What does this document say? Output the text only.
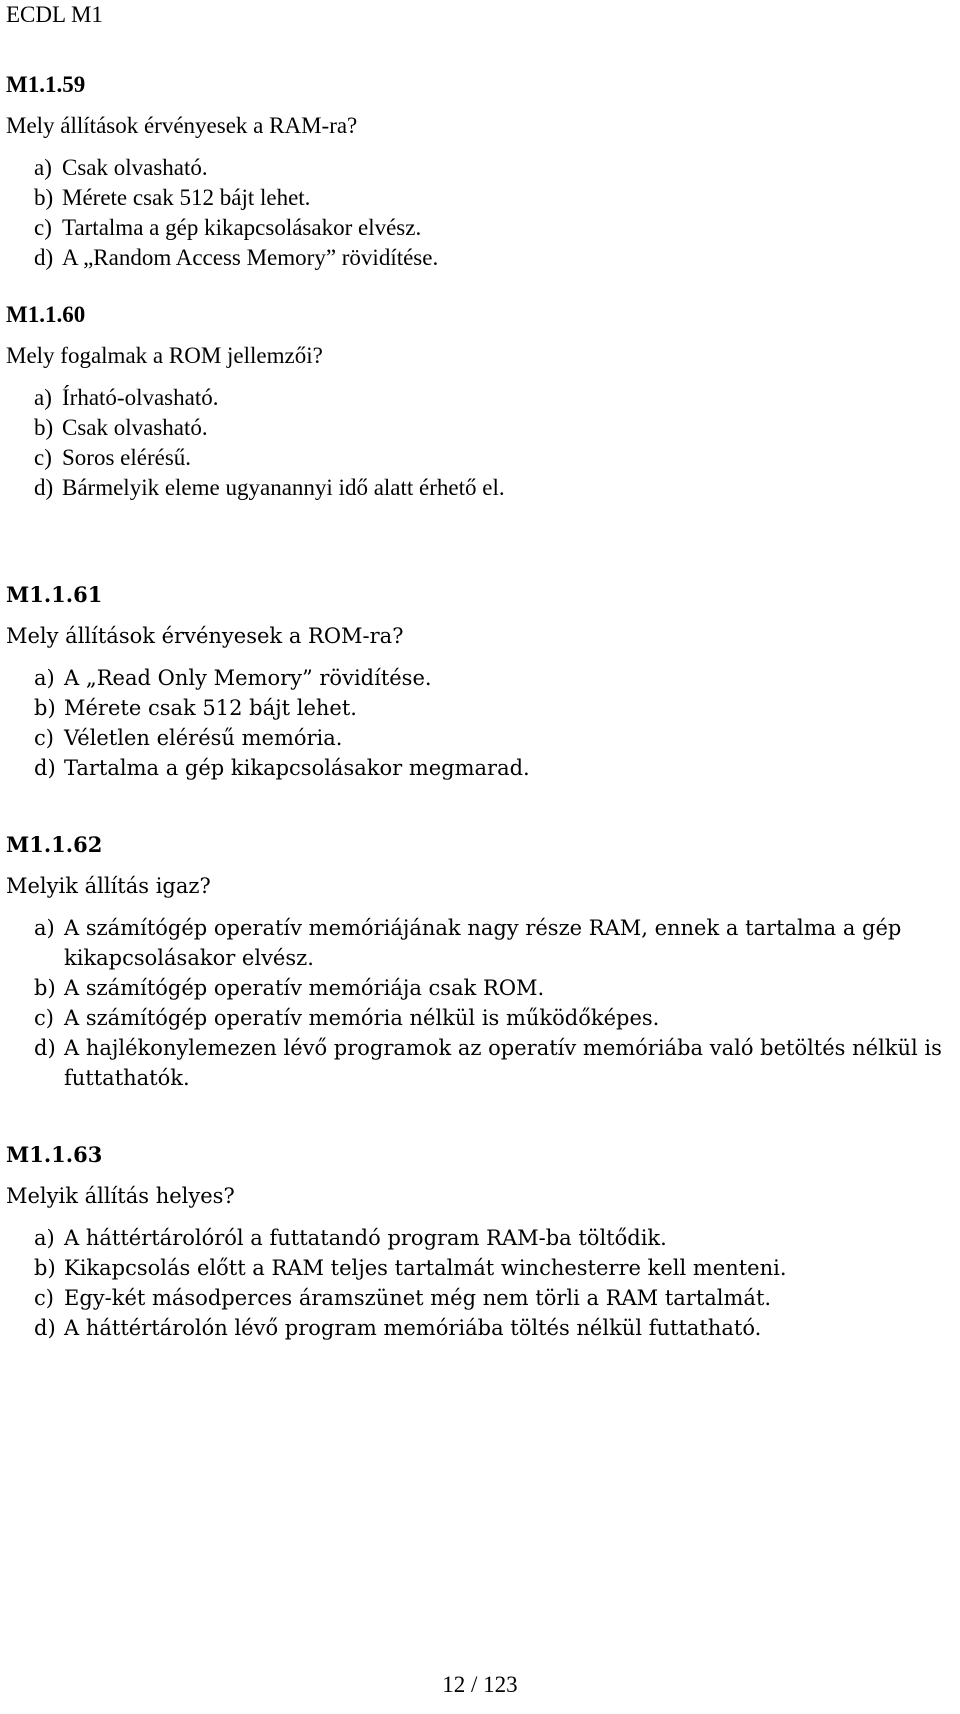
ECDL M1
M1.1.59
Mely állítások érvényesek a RAM-ra?
a) Csak olvasható.
b) Mérete csak 512 bájt lehet.
c) Tartalma a gép kikapcsolásakor elvész.
d) A „Random Access Memory” rövidítése.
M1.1.60
Mely fogalmak a ROM jellemzői?
a) Írható-olvasható.
b) Csak olvasható.
c) Soros elérésű.
d) Bármelyik eleme ugyanannyi idő alatt érhető el.
M1.1.61
Mely állítások érvényesek a ROM-ra?
a) A „Read Only Memory” rövidítése.
b) Mérete csak 512 bájt lehet.
c) Véletlen elérésű memória.
d) Tartalma a gép kikapcsolásakor megmarad.
M1.1.62
Melyik állítás igaz?
a) A számítógép operatív memóriájának nagy része RAM, ennek a tartalma a gép kikapcsolásakor elvész.
b) A számítógép operatív memóriája csak ROM.
c) A számítógép operatív memória nélkül is működőképes.
d) A hajlékonylemezen lévő programok az operatív memóriába való betöltés nélkül is futtathatók.
M1.1.63
Melyik állítás helyes?
a) A háttértárolóról a futtatandó program RAM-ba töltődik.
b) Kikapcsolás előtt a RAM teljes tartalmát winchesterre kell menteni.
c) Egy-két másodperces áramszünet még nem törli a RAM tartalmát.
d) A háttértárolón lévő program memóriába töltés nélkül futtatható.
12 / 123
